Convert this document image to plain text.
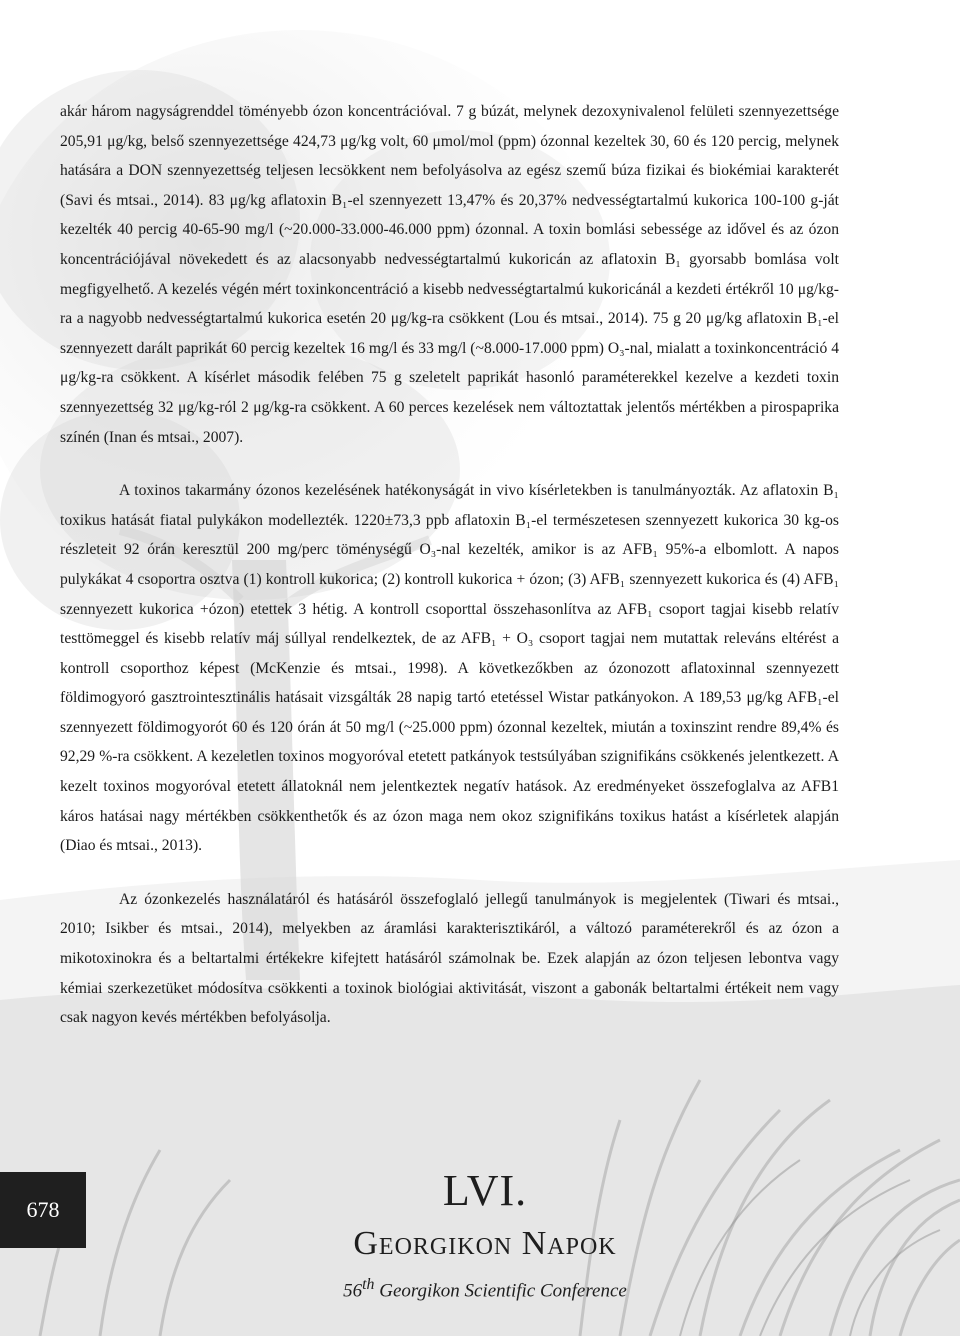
akár három nagyságrenddel töményebb ózon koncentrációval. 7 g búzát, melynek dezoxynivalenol felületi szennyezettsége 205,91 μg/kg, belső szennyezettsége 424,73 μg/kg volt, 60 μmol/mol (ppm) ózonnal kezeltek 30, 60 és 120 percig, melynek hatására a DON szennyezettség teljesen lecsökkent nem befolyásolva az egész szemű búza fizikai és biokémiai karakterét (Savi és mtsai., 2014). 83 μg/kg aflatoxin B₁-el szennyezett 13,47% és 20,37% nedvességtartalmú kukorica 100-100 g-ját kezelték 40 percig 40-65-90 mg/l (~20.000-33.000-46.000 ppm) ózonnal. A toxin bomlási sebessége az idővel és az ózon koncentrációjával növekedett és az alacsonyabb nedvességtartalmú kukoricán az aflatoxin B₁ gyorsabb bomlása volt megfigyelhető. A kezelés végén mért toxinkoncentráció a kisebb nedvességtartalmú kukoricánál a kezdeti értékről 10 μg/kg-ra a nagyobb nedvességtartalmú kukorica esetén 20 μg/kg-ra csökkent (Lou és mtsai., 2014). 75 g 20 μg/kg aflatoxin B₁-el szennyezett darált paprikát 60 percig kezeltek 16 mg/l és 33 mg/l (~8.000-17.000 ppm) O₃-nal, mialatt a toxinkoncentráció 4 μg/kg-ra csökkent. A kísérlet második felében 75 g szeletelt paprikát hasonló paraméterekkel kezelve a kezdeti toxin szennyezettség 32 μg/kg-ról 2 μg/kg-ra csökkent. A 60 perces kezelések nem változtattak jelentős mértékben a pirospaprika színén (Inan és mtsai., 2007).

A toxinos takarmány ózonos kezelésének hatékonyságát in vivo kísérletekben is tanulmányozták. Az aflatoxin B₁ toxikus hatását fiatal pulykákon modellezték. 1220±73,3 ppb aflatoxin B₁-el természetesen szennyezett kukorica 30 kg-os részleteit 92 órán keresztül 200 mg/perc töménységű O₃-nal kezelték, amikor is az AFB₁ 95%-a elbomlott. A napos pulykákat 4 csoportra osztva (1) kontroll kukorica; (2) kontroll kukorica + ózon; (3) AFB₁ szennyezett kukorica és (4) AFB₁ szennyezett kukorica +ózon) etettek 3 hétig. A kontroll csoporttal összehasonlítva az AFB₁ csoport tagjai kisebb relatív testtömeggel és kisebb relatív máj súllyal rendelkeztek, de az AFB₁ + O₃ csoport tagjai nem mutattak releváns eltérést a kontroll csoporthoz képest (McKenzie és mtsai., 1998). A következőkben az ózonozott aflatoxinnal szennyezett földimogyoró gasztrointesztinális hatásait vizsgálták 28 napig tartó etetéssel Wistar patkányokon. A 189,53 μg/kg AFB₁-el szennyezett földimogyorót 60 és 120 órán át 50 mg/l (~25.000 ppm) ózonnal kezeltek, miután a toxinszint rendre 89,4% és 92,29 %-ra csökkent. A kezeletlen toxinos mogyoróval etetett patkányok testsúlyában szignifikáns csökkenés jelentkezett. A kezelt toxinos mogyoróval etetett állatoknál nem jelentkeztek negatív hatások. Az eredményeket összefoglalva az AFB1 káros hatásai nagy mértékben csökkenthetők és az ózon maga nem okoz szignifikáns toxikus hatást a kísérletek alapján (Diao és mtsai., 2013).

Az ózonkezelés használatáról és hatásáról összefoglaló jellegű tanulmányok is megjelentek (Tiwari és mtsai., 2010; Isikber és mtsai., 2014), melyekben az áramlási karakterisztikáról, a változó paraméterekről és az ózon a mikotoxinokra és a beltartalmi értékekre kifejtett hatásáról számolnak be. Ezek alapján az ózon teljesen lebontva vagy kémiai szerkezetüket módosítva csökkenti a toxinok biológiai aktivitását, viszont a gabonák beltartalmi értékeit nem vagy csak nagyon kevés mértékben befolyásolja.

678	LVI.
Georgikon Napok
56th Georgikon Scientific Conference
